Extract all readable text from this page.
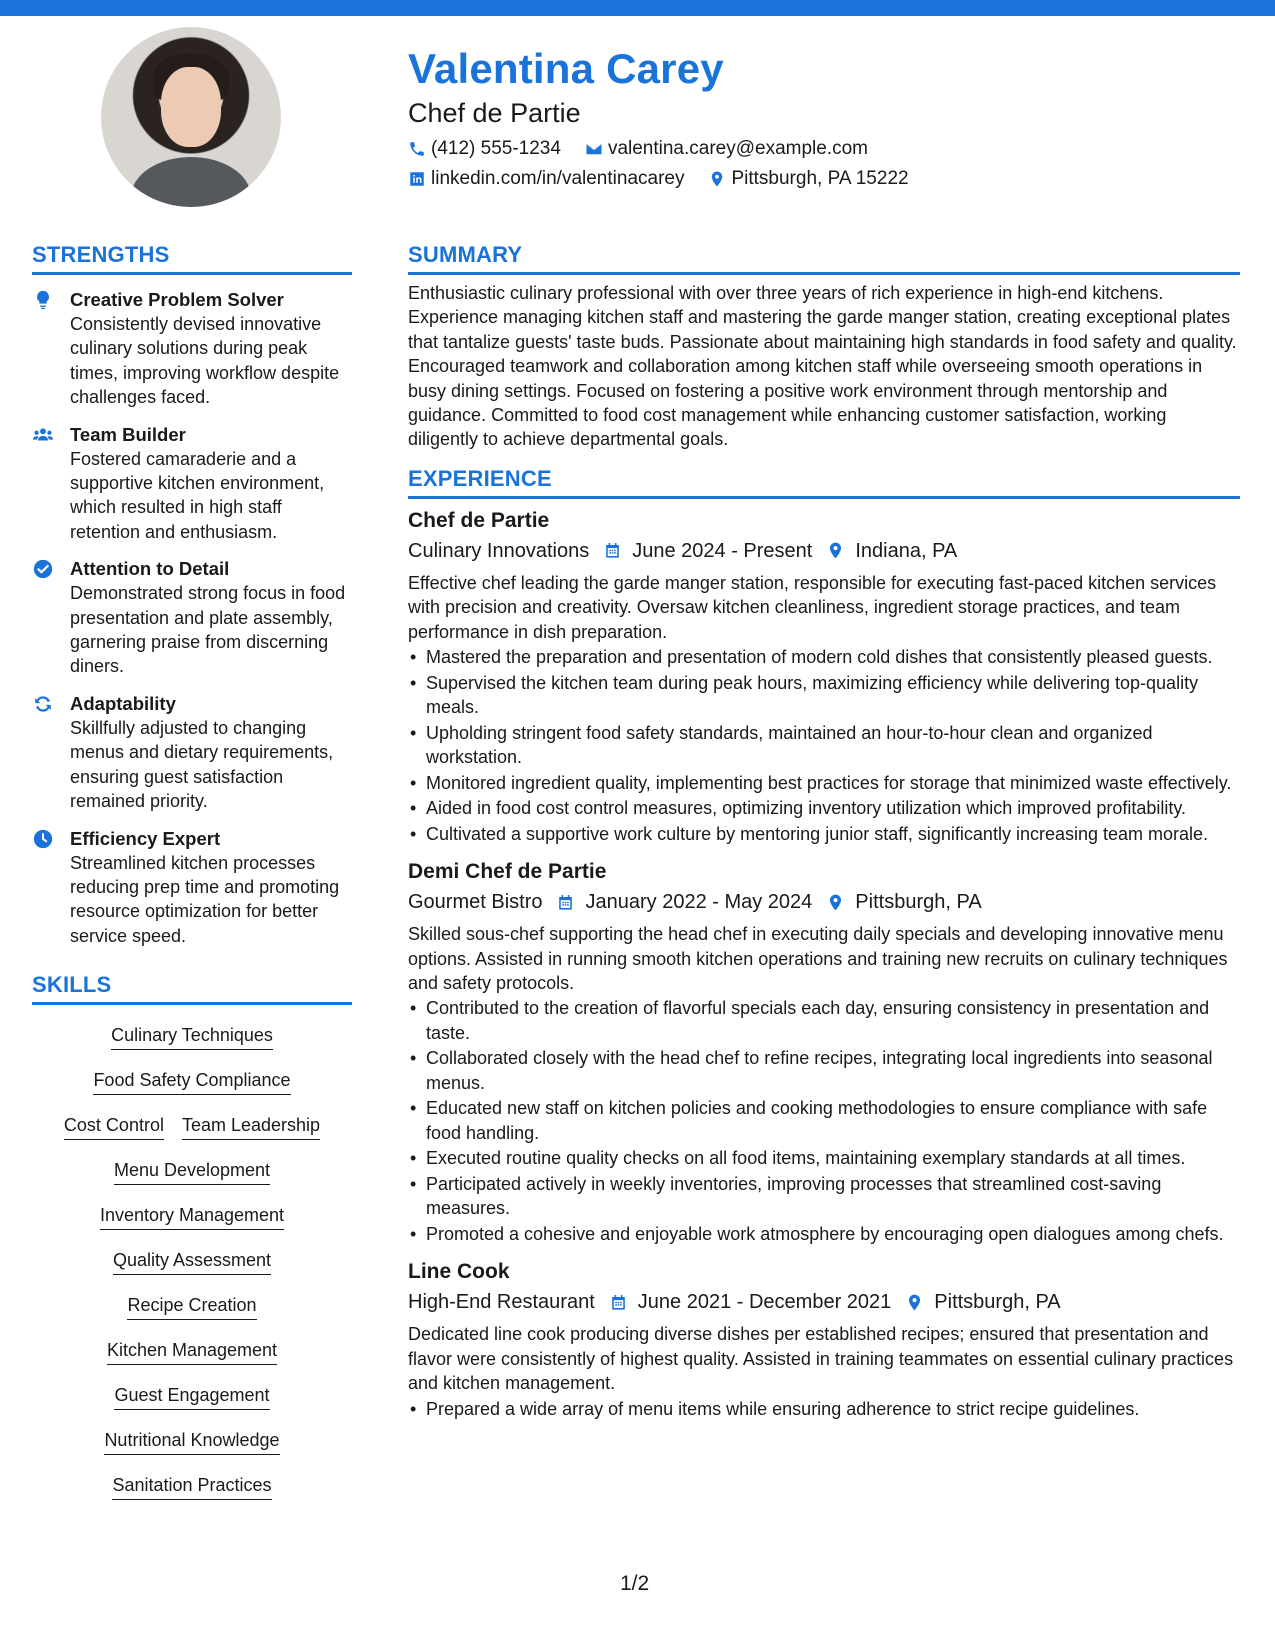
Valentina Carey
Chef de Partie
(412) 555-1234 valentina.carey@example.com
linkedin.com/in/valentinacarey Pittsburgh, PA 15222
STRENGTHS
Creative Problem Solver
Consistently devised innovative culinary solutions during peak times, improving workflow despite challenges faced.
Team Builder
Fostered camaraderie and a supportive kitchen environment, which resulted in high staff retention and enthusiasm.
Attention to Detail
Demonstrated strong focus in food presentation and plate assembly, garnering praise from discerning diners.
Adaptability
Skillfully adjusted to changing menus and dietary requirements, ensuring guest satisfaction remained priority.
Efficiency Expert
Streamlined kitchen processes reducing prep time and promoting resource optimization for better service speed.
SKILLS
Culinary Techniques
Food Safety Compliance
Cost Control Team Leadership
Menu Development
Inventory Management
Quality Assessment
Recipe Creation
Kitchen Management
Guest Engagement
Nutritional Knowledge
Sanitation Practices
SUMMARY
Enthusiastic culinary professional with over three years of rich experience in high-end kitchens. Experience managing kitchen staff and mastering the garde manger station, creating exceptional plates that tantalize guests' taste buds. Passionate about maintaining high standards in food safety and quality. Encouraged teamwork and collaboration among kitchen staff while overseeing smooth operations in busy dining settings. Focused on fostering a positive work environment through mentorship and guidance. Committed to food cost management while enhancing customer satisfaction, working diligently to achieve departmental goals.
EXPERIENCE
Chef de Partie
Culinary Innovations June 2024 - Present Indiana, PA
Effective chef leading the garde manger station, responsible for executing fast-paced kitchen services with precision and creativity. Oversaw kitchen cleanliness, ingredient storage practices, and team performance in dish preparation.
• Mastered the preparation and presentation of modern cold dishes that consistently pleased guests.
• Supervised the kitchen team during peak hours, maximizing efficiency while delivering top-quality meals.
• Upholding stringent food safety standards, maintained an hour-to-hour clean and organized workstation.
• Monitored ingredient quality, implementing best practices for storage that minimized waste effectively.
• Aided in food cost control measures, optimizing inventory utilization which improved profitability.
• Cultivated a supportive work culture by mentoring junior staff, significantly increasing team morale.
Demi Chef de Partie
Gourmet Bistro January 2022 - May 2024 Pittsburgh, PA
Skilled sous-chef supporting the head chef in executing daily specials and developing innovative menu options. Assisted in running smooth kitchen operations and training new recruits on culinary techniques and safety protocols.
• Contributed to the creation of flavorful specials each day, ensuring consistency in presentation and taste.
• Collaborated closely with the head chef to refine recipes, integrating local ingredients into seasonal menus.
• Educated new staff on kitchen policies and cooking methodologies to ensure compliance with safe food handling.
• Executed routine quality checks on all food items, maintaining exemplary standards at all times.
• Participated actively in weekly inventories, improving processes that streamlined cost-saving measures.
• Promoted a cohesive and enjoyable work atmosphere by encouraging open dialogues among chefs.
Line Cook
High-End Restaurant June 2021 - December 2021 Pittsburgh, PA
Dedicated line cook producing diverse dishes per established recipes; ensured that presentation and flavor were consistently of highest quality. Assisted in training teammates on essential culinary practices and kitchen management.
• Prepared a wide array of menu items while ensuring adherence to strict recipe guidelines.
1/2
